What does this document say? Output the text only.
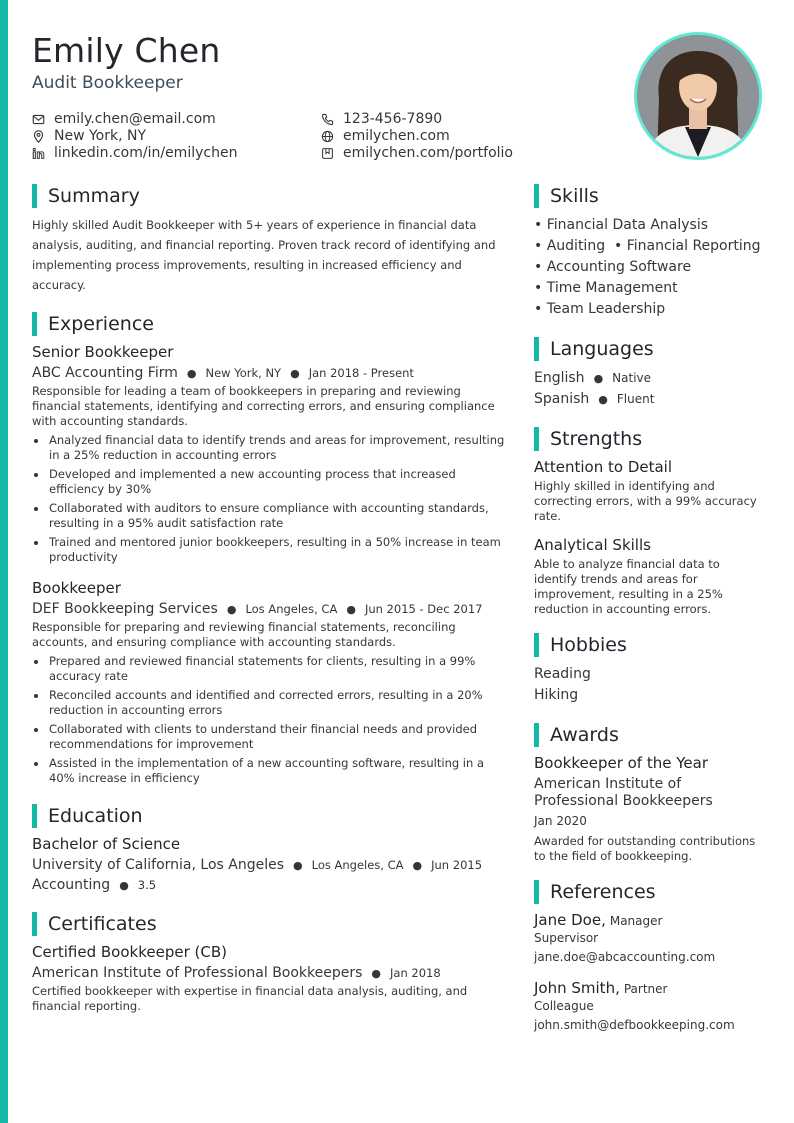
Emily Chen
Audit Bookkeeper
emily.chen@email.com	123-456-7890
New York, NY	emilychen.com
linkedin.com/in/emilychen	emilychen.com/portfolio
Summary

Highly skilled Audit Bookkeeper with 5+ years of experience in financial data analysis, auditing, and financial reporting. Proven track record of identifying and implementing process improvements, resulting in increased efficiency and accuracy.

Experience
Senior Bookkeeper
ABC Accounting Firm ● New York, NY ● Jan 2018 - Present

Responsible for leading a team of bookkeepers in preparing and reviewing financial statements, identifying and correcting errors, and ensuring compliance with accounting standards.

Analyzed financial data to identify trends and areas for improvement, resulting in a 25% reduction in accounting errors
Developed and implemented a new accounting process that increased efficiency by 30%
Collaborated with auditors to ensure compliance with accounting standards, resulting in a 95% audit satisfaction rate
Trained and mentored junior bookkeepers, resulting in a 50% increase in team productivity
Bookkeeper
DEF Bookkeeping Services ● Los Angeles, CA ● Jun 2015 - Dec 2017

Responsible for preparing and reviewing financial statements, reconciling accounts, and ensuring compliance with accounting standards.

Prepared and reviewed financial statements for clients, resulting in a 99% accuracy rate
Reconciled accounts and identified and corrected errors, resulting in a 20% reduction in accounting errors
Collaborated with clients to understand their financial needs and provided recommendations for improvement
Assisted in the implementation of a new accounting software, resulting in a 40% increase in efficiency
Education
Bachelor of Science
University of California, Los Angeles ● Los Angeles, CA ● Jun 2015
Accounting ● 3.5
Certificates
Certified Bookkeeper (CB)
American Institute of Professional Bookkeepers ● Jan 2018

Certified bookkeeper with expertise in financial data analysis, auditing, and financial reporting.

Skills
• Financial Data Analysis
• Auditing  • Financial Reporting
• Accounting Software
• Time Management
• Team Leadership
Languages
English ● Native
Spanish ● Fluent
Strengths
Attention to Detail

Highly skilled in identifying and correcting errors, with a 99% accuracy rate.

Analytical Skills

Able to analyze financial data to identify trends and areas for improvement, resulting in a 25% reduction in accounting errors.

Hobbies
Reading
Hiking
Awards
Bookkeeper of the Year
American Institute of Professional Bookkeepers
Jan 2020

Awarded for outstanding contributions to the field of bookkeeping.

References
Jane Doe, Manager
Supervisor
jane.doe@abcaccounting.com
John Smith, Partner
Colleague
john.smith@defbookkeeping.com
